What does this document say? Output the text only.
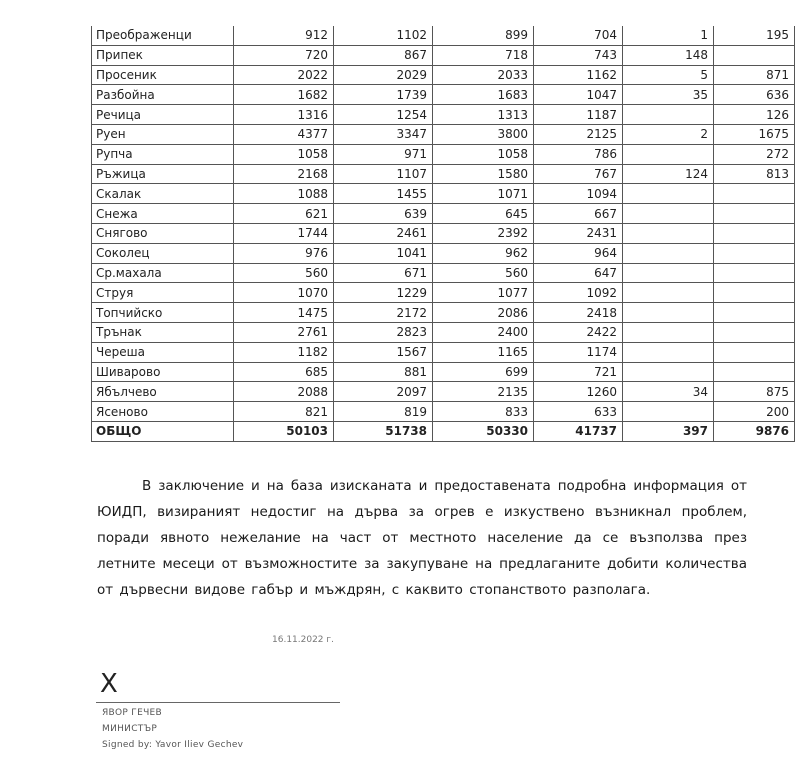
Преображенци	912	1102	899	704	1	195
Припек	720	867	718	743	148	
Просеник	2022	2029	2033	1162	5	871
Разбойна	1682	1739	1683	1047	35	636
Речица	1316	1254	1313	1187		126
Руен	4377	3347	3800	2125	2	1675
Рупча	1058	971	1058	786		272
Ръжица	2168	1107	1580	767	124	813
Скалак	1088	1455	1071	1094		
Снежа	621	639	645	667		
Снягово	1744	2461	2392	2431		
Соколец	976	1041	962	964		
Ср.махала	560	671	560	647		
Струя	1070	1229	1077	1092		
Топчийско	1475	2172	2086	2418		
Трънак	2761	2823	2400	2422		
Череша	1182	1567	1165	1174		
Шиварово	685	881	699	721		
Ябълчево	2088	2097	2135	1260	34	875
Ясеново	821	819	833	633		200
ОБЩО	50103	51738	50330	41737	397	9876

В заключение и на база изисканата и предоставената подробна информация от ЮИДП, визираният недостиг на дърва за огрев е изкуствено възникнал проблем, поради явното нежелание на част от местното население да се възползва през летните месеци от възможностите за закупуване на предлаганите добити количества от дървесни видове габър и мъждрян, с каквито стопанството разполага.

16.11.2022 г.
X
ЯВОР ГЕЧЕВ
МИНИСТЪР
Signed by: Yavor Iliev Gechev
